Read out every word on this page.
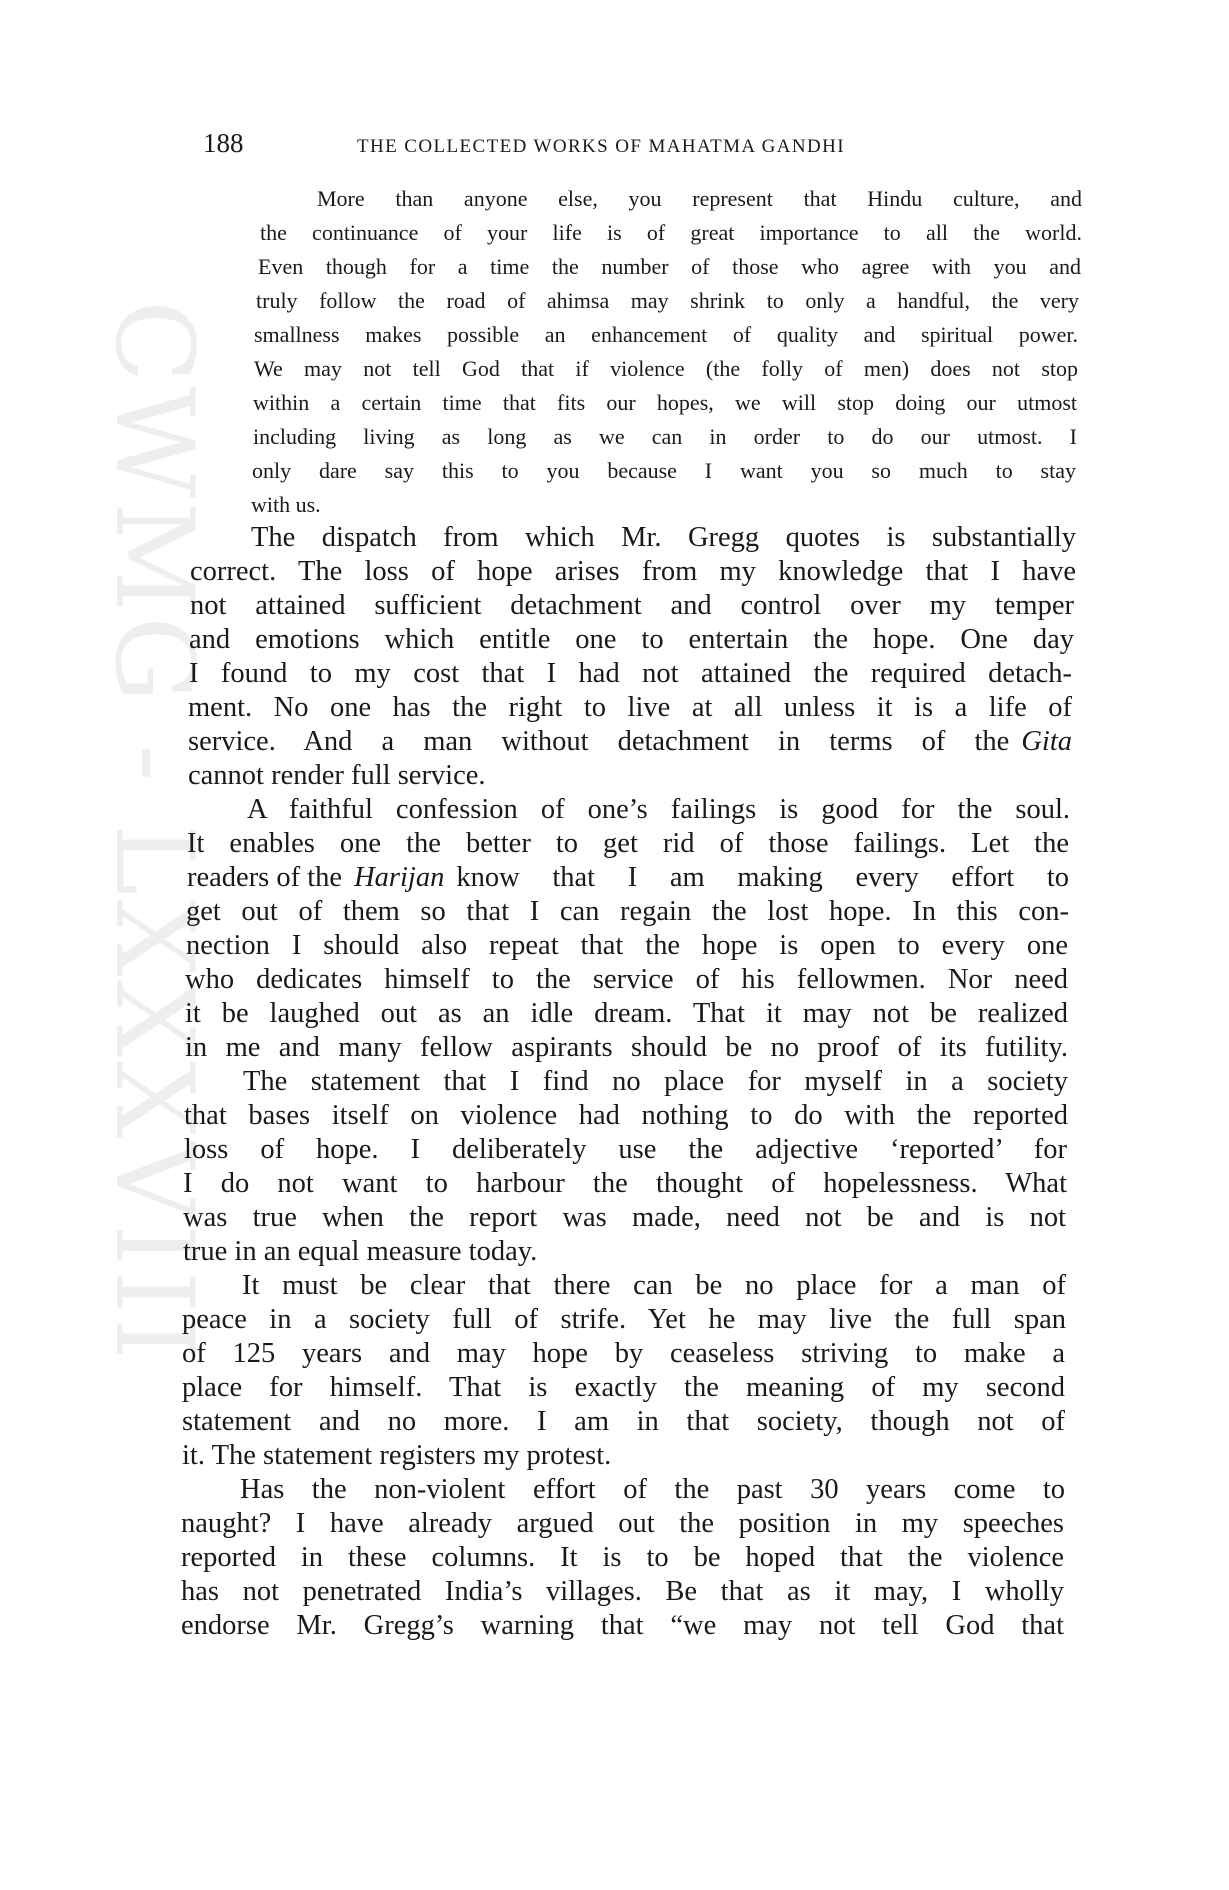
CWMG - LXXXVIII
188	THE COLLECTED WORKS OF MAHATMA GANDHI
More than anyone else, you represent that Hindu culture, and
the continuance of your life is of great importance to all the world.
Even though for a time the number of those who agree with you and
truly follow the road of ahimsa may shrink to only a handful, the very
smallness makes possible an enhancement of quality and spiritual power.
We may not tell God that if violence (the folly of men) does not stop
within a certain time that fits our hopes, we will stop doing our utmost
including living as long as we can in order to do our utmost. I
only dare say this to you because I want you so much to stay
with us.
The dispatch from which Mr. Gregg quotes is substantially
correct. The loss of hope arises from my knowledge that I have
not attained sufficient detachment and control over my temper
and emotions which entitle one to entertain the hope. One day
I found to my cost that I had not attained the required detach-
ment. No one has the right to live at all unless it is a life of
service. And a man without detachment in terms of the Gita
cannot render full service.
A faithful confession of one’s failings is good for the soul.
It enables one the better to get rid of those failings. Let the
readers of the Harijan know that I am making every effort to
get out of them so that I can regain the lost hope. In this con-
nection I should also repeat that the hope is open to every one
who dedicates himself to the service of his fellowmen. Nor need
it be laughed out as an idle dream. That it may not be realized
in me and many fellow aspirants should be no proof of its futility.
The statement that I find no place for myself in a society
that bases itself on violence had nothing to do with the reported
loss of hope. I deliberately use the adjective ‘reported’ for
I do not want to harbour the thought of hopelessness. What
was true when the report was made, need not be and is not
true in an equal measure today.
It must be clear that there can be no place for a man of
peace in a society full of strife. Yet he may live the full span
of 125 years and may hope by ceaseless striving to make a
place for himself. That is exactly the meaning of my second
statement and no more. I am in that society, though not of
it. The statement registers my protest.
Has the non-violent effort of the past 30 years come to
naught? I have already argued out the position in my speeches
reported in these columns. It is to be hoped that the violence
has not penetrated India’s villages. Be that as it may, I wholly
endorse Mr. Gregg’s warning that “we may not tell God that
